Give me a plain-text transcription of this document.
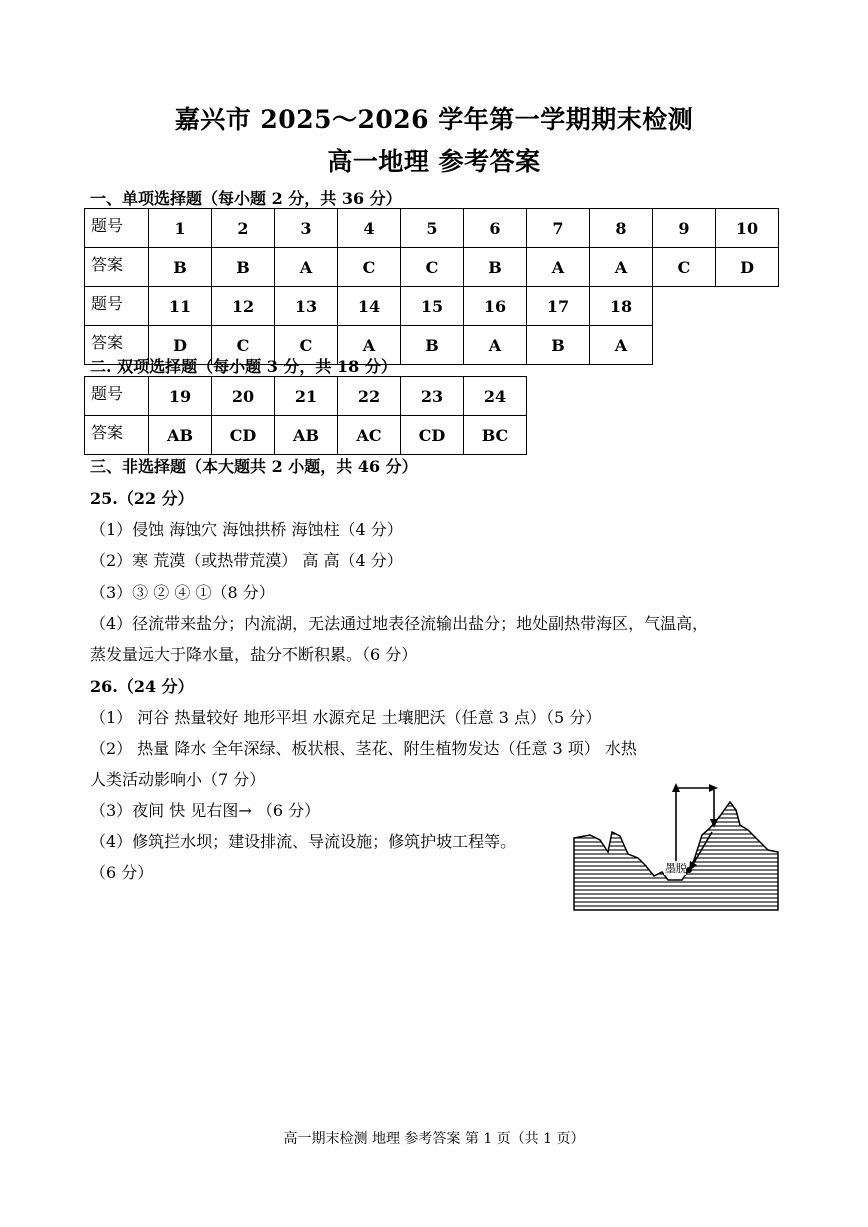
嘉兴市 2025～2026 学年第一学期期末检测
高一地理 参考答案
一、单项选择题（每小题 2 分，共 36 分）
题号	1	2	3	4	5	6	7	8	9	10
答案	B	B	A	C	C	B	A	A	C	D
题号	11	12	13	14	15	16	17	18		
答案	D	C	C	A	B	A	B	A		
二. 双项选择题（每小题 3 分，共 18 分）
题号	19	20	21	22	23	24
答案	AB	CD	AB	AC	CD	BC
三、非选择题（本大题共 2 小题，共 46 分）
25.（22 分）
（1）侵蚀 海蚀穴 海蚀拱桥 海蚀柱（4 分）
（2）寒 荒漠（或热带荒漠） 高 高（4 分）
（3）③ ② ④ ①（8 分）
（4）径流带来盐分；内流湖，无法通过地表径流输出盐分；地处副热带海区，气温高，
蒸发量远大于降水量，盐分不断积累。（6 分）
26.（24 分）
（1） 河谷 热量较好 地形平坦 水源充足 土壤肥沃（任意 3 点）（5 分）
（2） 热量 降水 全年深绿、板状根、茎花、附生植物发达（任意 3 项） 水热
人类活动影响小（7 分）
（3）夜间 快 见右图→ （6 分）
（4）修筑拦水坝；建设排流、导流设施；修筑护坡工程等。
（6 分）	墨脱
高一期末检测 地理 参考答案 第 1 页（共 1 页）
